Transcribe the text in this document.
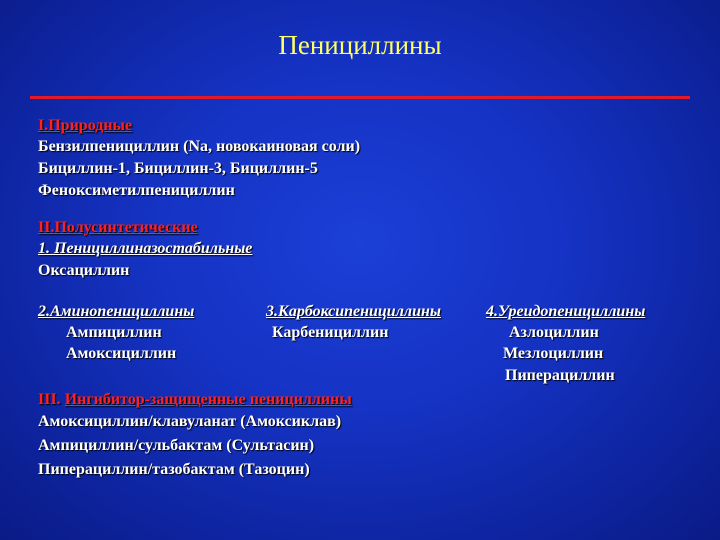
Пенициллины
I.Природные
Бензилпенициллин (Na, новокаиновая соли)
Бициллин-1, Бициллин-3, Бициллин-5
Феноксиметилпенициллин
II.Полусинтетические
1. Пенициллиназостабильные
Оксациллин
2.Аминопенициллины
Ампициллин
Амоксициллин
3.Карбоксипенициллины
Карбенициллин
4.Уреидопенициллины
Азлоциллин
Мезлоциллин
Пиперациллин
III. Ингибитор-защищенные пенициллины
Амоксициллин/клавуланат (Амоксиклав)
Ампициллин/сульбактам (Сультасин)
Пиперациллин/тазобактам (Тазоцин)
